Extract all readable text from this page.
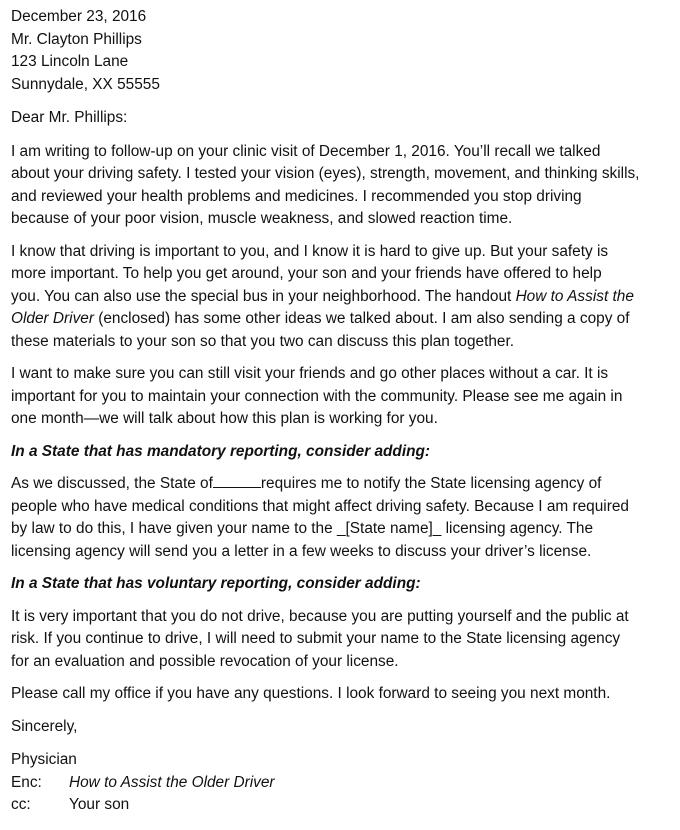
December 23, 2016
Mr. Clayton Phillips
123 Lincoln Lane
Sunnydale, XX 55555
Dear Mr. Phillips:
I am writing to follow-up on your clinic visit of December 1, 2016. You’ll recall we talked
about your driving safety. I tested your vision (eyes), strength, movement, and thinking skills,
and reviewed your health problems and medicines. I recommended you stop driving
because of your poor vision, muscle weakness, and slowed reaction time.
I know that driving is important to you, and I know it is hard to give up. But your safety is
more important. To help you get around, your son and your friends have offered to help
you. You can also use the special bus in your neighborhood. The handout How to Assist the
Older Driver (enclosed) has some other ideas we talked about. I am also sending a copy of
these materials to your son so that you two can discuss this plan together.
I want to make sure you can still visit your friends and go other places without a car. It is
important for you to maintain your connection with the community. Please see me again in
one month—we will talk about how this plan is working for you.
In a State that has mandatory reporting, consider adding:
As we discussed, the State of	requires me to notify the State licensing agency of
people who have medical conditions that might affect driving safety. Because I am required
by law to do this, I have given your name to the _[State name]_ licensing agency. The
licensing agency will send you a letter in a few weeks to discuss your driver’s license.
In a State that has voluntary reporting, consider adding:
It is very important that you do not drive, because you are putting yourself and the public at
risk. If you continue to drive, I will need to submit your name to the State licensing agency
for an evaluation and possible revocation of your license.
Please call my office if you have any questions. I look forward to seeing you next month.
Sincerely,
Physician
Enc:	How to Assist the Older Driver
cc:	Your son
